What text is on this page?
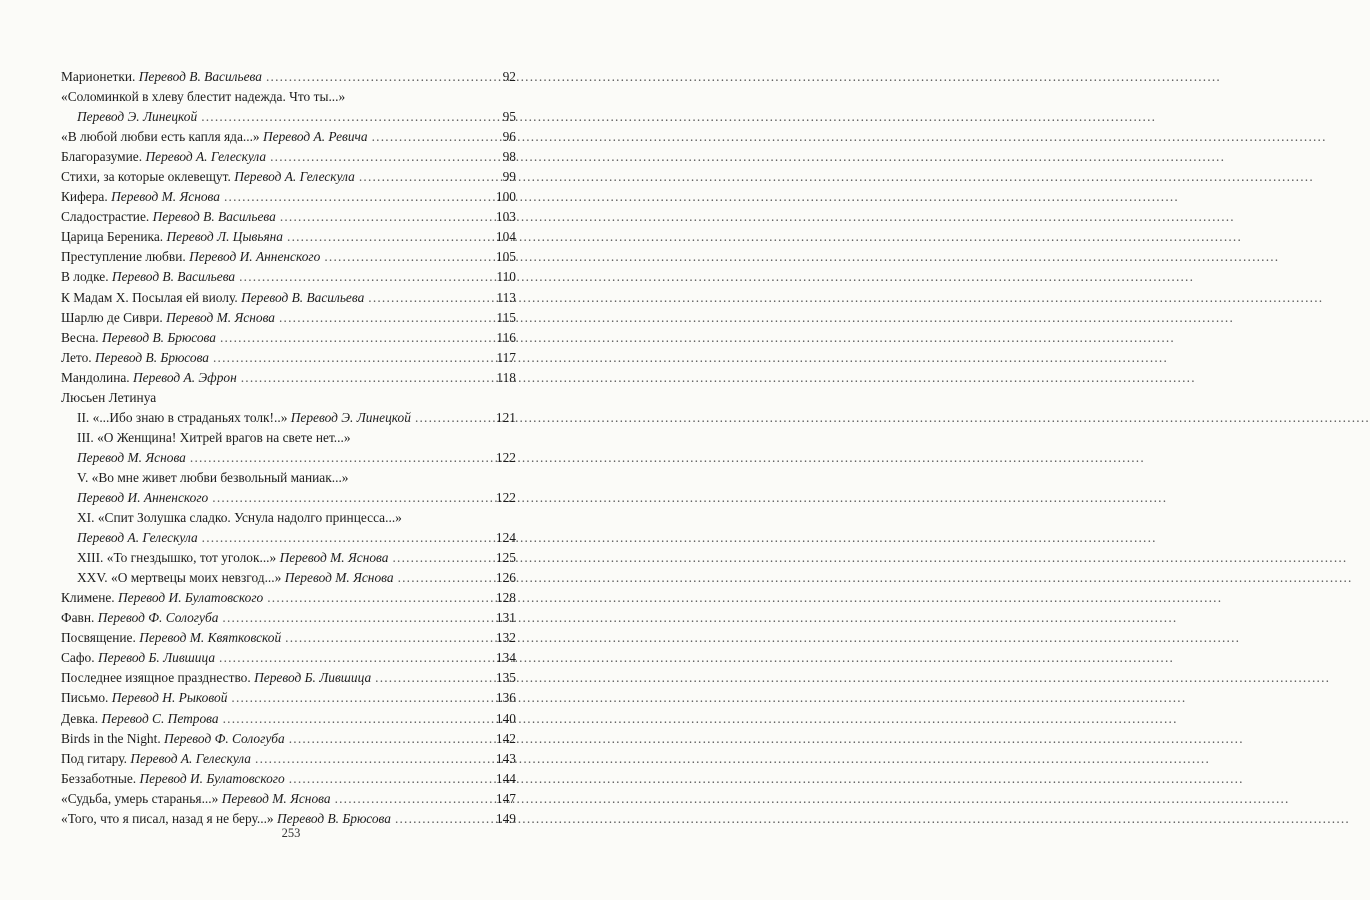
Марионетки. Перевод В. Васильева .....	92
«Соломинкой в хлеву блестит надежда. Что ты...»
Перевод Э. Линецкой .....	95
«В любой любви есть капля яда...» Перевод А. Ревича .....	96
Благоразумие. Перевод А. Гелескула .....	98
Стихи, за которые оклевещут. Перевод А. Гелескула .....	99
Кифера. Перевод М. Яснова .....	100
Сладострастие. Перевод В. Васильева .....	103
Царица Береника. Перевод Л. Цывьяна .....	104
Преступление любви. Перевод И. Анненского .....	105
В лодке. Перевод В. Васильева .....	110
К Мадам Х. Посылая ей виолу. Перевод В. Васильева .....	113
Шарлю де Сиври. Перевод М. Яснова .....	115
Весна. Перевод В. Брюсова .....	116
Лето. Перевод В. Брюсова .....	117
Мандолина. Перевод А. Эфрон .....	118
Люсьен Летинуа
II. «...Ибо знаю в страданьях толк!..» Перевод Э. Линецкой .....	121
III. «О Женщина! Хитрей врагов на свете нет...»
Перевод М. Яснова .....	122
V. «Во мне живет любви безвольный маниак...»
Перевод И. Анненского .....	122
XI. «Спит Золушка сладко. Уснула надолго принцесса...»
Перевод А. Гелескула .....	124
XIII. «То гнездышко, тот уголок...» Перевод М. Яснова .....	125
XXV. «О мертвецы моих невзгод...» Перевод М. Яснова .....	126
Климене. Перевод И. Булатовского .....	128
Фавн. Перевод Ф. Сологуба .....	131
Посвящение. Перевод М. Квятковской .....	132
Сафо. Перевод Б. Лившица .....	134
Последнее изящное празднество. Перевод Б. Лившица .....	135
Письмо. Перевод Н. Рыковой .....	136
Девка. Перевод С. Петрова .....	140
Birds in the Night. Перевод Ф. Сологуба .....	142
Под гитару. Перевод А. Гелескула .....	143
Беззаботные. Перевод И. Булатовского .....	144
«Судьба, умерь старанья...» Перевод М. Яснова .....	147
«Того, что я писал, назад я не беру...» Перевод В. Брюсова .....	149
253
